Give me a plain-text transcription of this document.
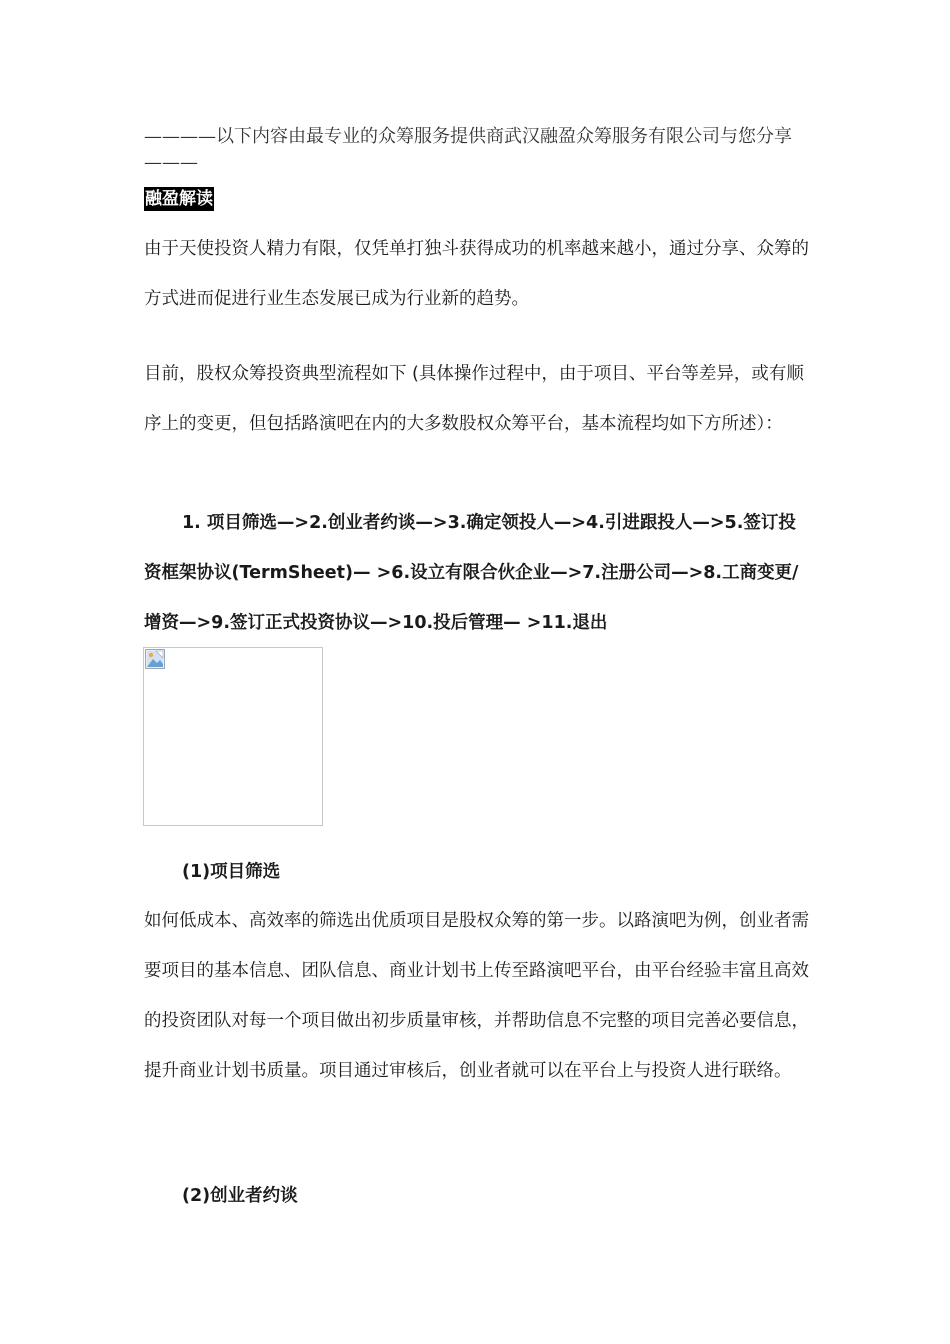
————以下内容由最专业的众筹服务提供商武汉融盈众筹服务有限公司与您分享———
融盈解读

由于天使投资人精力有限，仅凭单打独斗获得成功的机率越来越小，通过分享、众筹的方式进而促进行业生态发展已成为行业新的趋势。

目前，股权众筹投资典型流程如下 (具体操作过程中，由于项目、平台等差异，或有顺序上的变更，但包括路演吧在内的大多数股权众筹平台，基本流程均如下方所述）：

1. 项目筛选—>2.创业者约谈—>3.确定领投人—>4.引进跟投人—>5.签订投资框架协议(TermSheet)— >6.设立有限合伙企业—>7.注册公司—>8.工商变更/增资—>9.签订正式投资协议—>10.投后管理— >11.退出

(1)项目筛选

如何低成本、高效率的筛选出优质项目是股权众筹的第一步。以路演吧为例，创业者需要项目的基本信息、团队信息、商业计划书上传至路演吧平台，由平台经验丰富且高效的投资团队对每一个项目做出初步质量审核，并帮助信息不完整的项目完善必要信息，提升商业计划书质量。项目通过审核后，创业者就可以在平台上与投资人进行联络。

(2)创业者约谈
